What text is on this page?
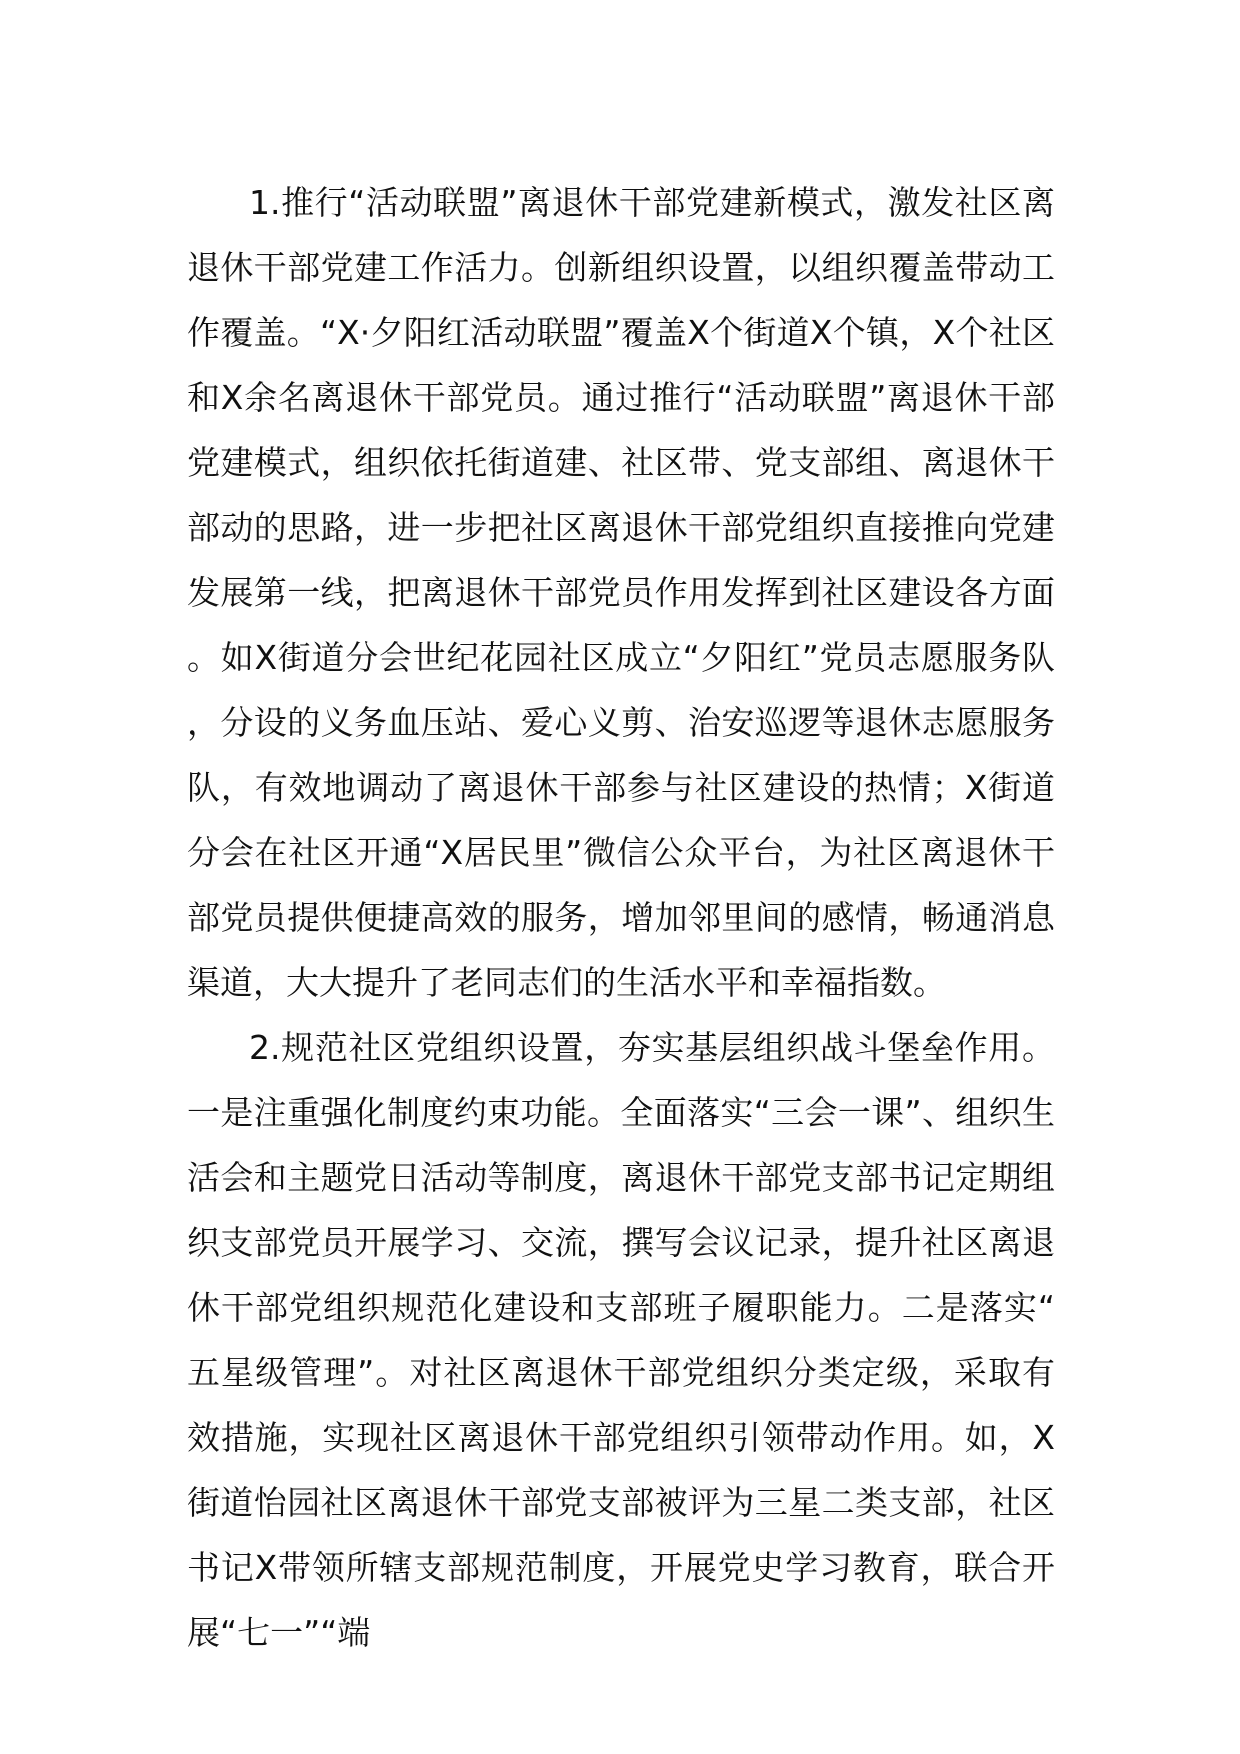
1.推行“活动联盟”离退休干部党建新模式，激发社区离退休干部党建工作活力。创新组织设置，以组织覆盖带动工作覆盖。“X·夕阳红活动联盟”覆盖X个街道X个镇，X个社区和X余名离退休干部党员。通过推行“活动联盟”离退休干部党建模式，组织依托街道建、社区带、党支部组、离退休干部动的思路，进一步把社区离退休干部党组织直接推向党建发展第一线，把离退休干部党员作用发挥到社区建设各方面。如X街道分会世纪花园社区成立“夕阳红”党员志愿服务队，分设的义务血压站、爱心义剪、治安巡逻等退休志愿服务队，有效地调动了离退休干部参与社区建设的热情；X街道分会在社区开通“X居民里”微信公众平台，为社区离退休干部党员提供便捷高效的服务，增加邻里间的感情，畅通消息渠道，大大提升了老同志们的生活水平和幸福指数。

2.规范社区党组织设置，夯实基层组织战斗堡垒作用。一是注重强化制度约束功能。全面落实“三会一课”、组织生活会和主题党日活动等制度，离退休干部党支部书记定期组织支部党员开展学习、交流，撰写会议记录，提升社区离退休干部党组织规范化建设和支部班子履职能力。二是落实“五星级管理”。对社区离退休干部党组织分类定级，采取有效措施，实现社区离退休干部党组织引领带动作用。如，X街道怡园社区离退休干部党支部被评为三星二类支部，社区书记X带领所辖支部规范制度，开展党史学习教育，联合开展“七一”“端
